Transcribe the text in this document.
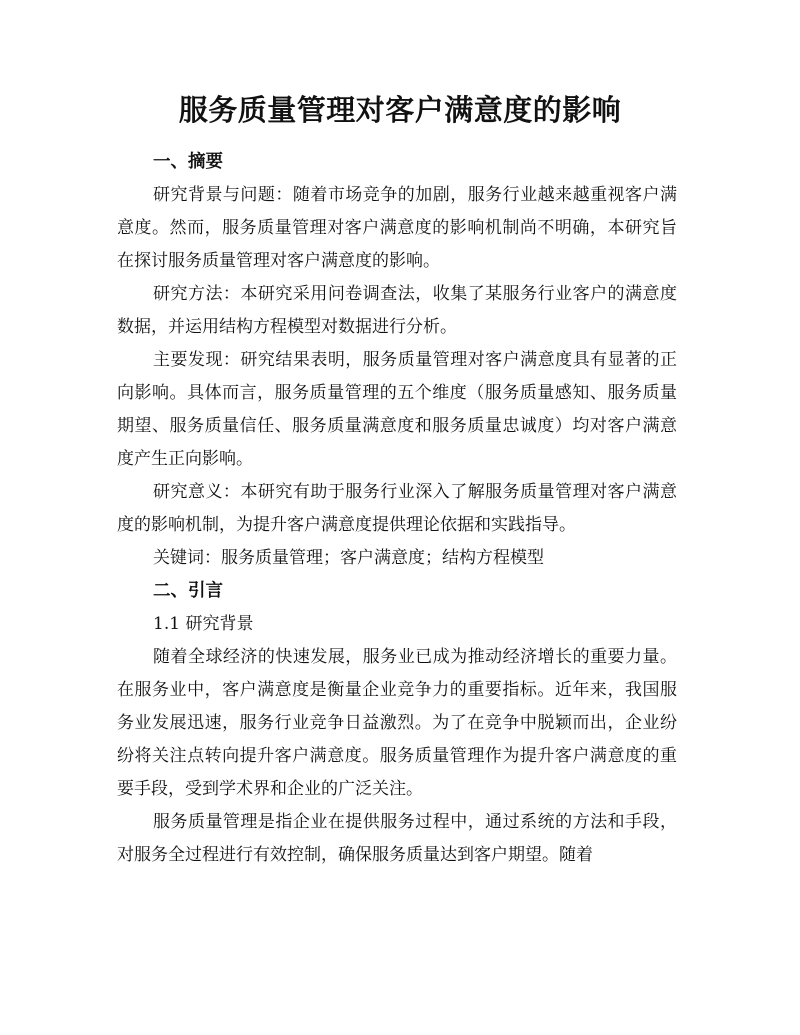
服务质量管理对客户满意度的影响
一、摘要

研究背景与问题：随着市场竞争的加剧，服务行业越来越重视客户满意度。然而，服务质量管理对客户满意度的影响机制尚不明确，本研究旨在探讨服务质量管理对客户满意度的影响。

研究方法：本研究采用问卷调查法，收集了某服务行业客户的满意度数据，并运用结构方程模型对数据进行分析。

主要发现：研究结果表明，服务质量管理对客户满意度具有显著的正向影响。具体而言，服务质量管理的五个维度（服务质量感知、服务质量期望、服务质量信任、服务质量满意度和服务质量忠诚度）均对客户满意度产生正向影响。

研究意义：本研究有助于服务行业深入了解服务质量管理对客户满意度的影响机制，为提升客户满意度提供理论依据和实践指导。

关键词：服务质量管理；客户满意度；结构方程模型

二、引言
1.1 研究背景

随着全球经济的快速发展，服务业已成为推动经济增长的重要力量。在服务业中，客户满意度是衡量企业竞争力的重要指标。近年来，我国服务业发展迅速，服务行业竞争日益激烈。为了在竞争中脱颖而出，企业纷纷将关注点转向提升客户满意度。服务质量管理作为提升客户满意度的重要手段，受到学术界和企业的广泛关注。

服务质量管理是指企业在提供服务过程中，通过系统的方法和手段，对服务全过程进行有效控制，确保服务质量达到客户期望。随着
